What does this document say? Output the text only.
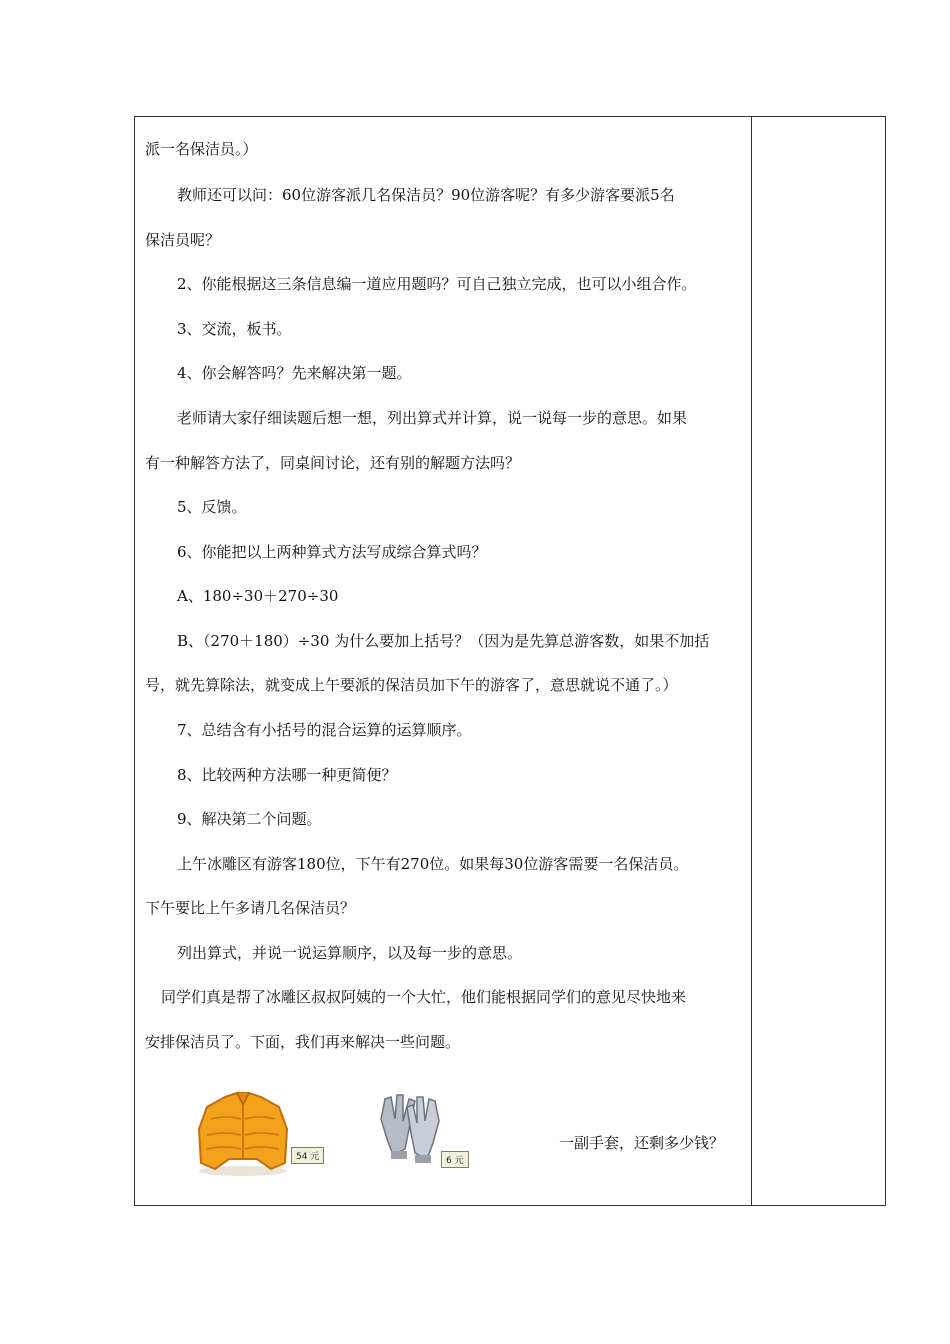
派一名保洁员。）
教师还可以问：60位游客派几名保洁员？90位游客呢？有多少游客要派5名
保洁员呢？
2、你能根据这三条信息编一道应用题吗？可自己独立完成，也可以小组合作。
3、交流，板书。
4、你会解答吗？先来解决第一题。
老师请大家仔细读题后想一想，列出算式并计算，说一说每一步的意思。如果
有一种解答方法了，同桌间讨论，还有别的解题方法吗？
5、反馈。
6、你能把以上两种算式方法写成综合算式吗？
A、180÷30＋270÷30
B、（270＋180）÷30 为什么要加上括号？（因为是先算总游客数，如果不加括
号，就先算除法，就变成上午要派的保洁员加下午的游客了，意思就说不通了。）
7、总结含有小括号的混合运算的运算顺序。
8、比较两种方法哪一种更简便？
9、解决第二个问题。
上午冰雕区有游客180位，下午有270位。如果每30位游客需要一名保洁员。
下午要比上午多请几名保洁员？
列出算式，并说一说运算顺序，以及每一步的意思。
同学们真是帮了冰雕区叔叔阿姨的一个大忙，他们能根据同学们的意见尽快地来
安排保洁员了。下面，我们再来解决一些问题。
54 元	6 元
一副手套，还剩多少钱？
